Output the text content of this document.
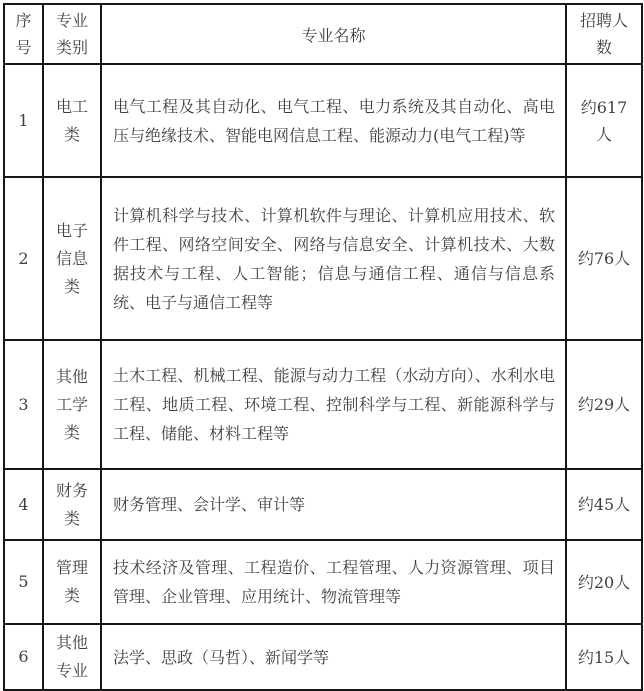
序号	专业类别	专业名称	招聘人数
1	电工类	电气工程及其自动化、电气工程、电力系统及其自动化、高电压与绝缘技术、智能电网信息工程、能源动力(电气工程)等	约617人
2	电子信息类	计算机科学与技术、计算机软件与理论、计算机应用技术、软件工程、网络空间安全、网络与信息安全、计算机技术、大数据技术与工程、人工智能；信息与通信工程、通信与信息系统、电子与通信工程等	约76人
3	其他工学类	土木工程、机械工程、能源与动力工程（水动方向）、水利水电工程、地质工程、环境工程、控制科学与工程、新能源科学与工程、储能、材料工程等	约29人
4	财务类	财务管理、会计学、审计等	约45人
5	管理类	技术经济及管理、工程造价、工程管理、人力资源管理、项目管理、企业管理、应用统计、物流管理等	约20人
6	其他专业	法学、思政（马哲）、新闻学等	约15人
